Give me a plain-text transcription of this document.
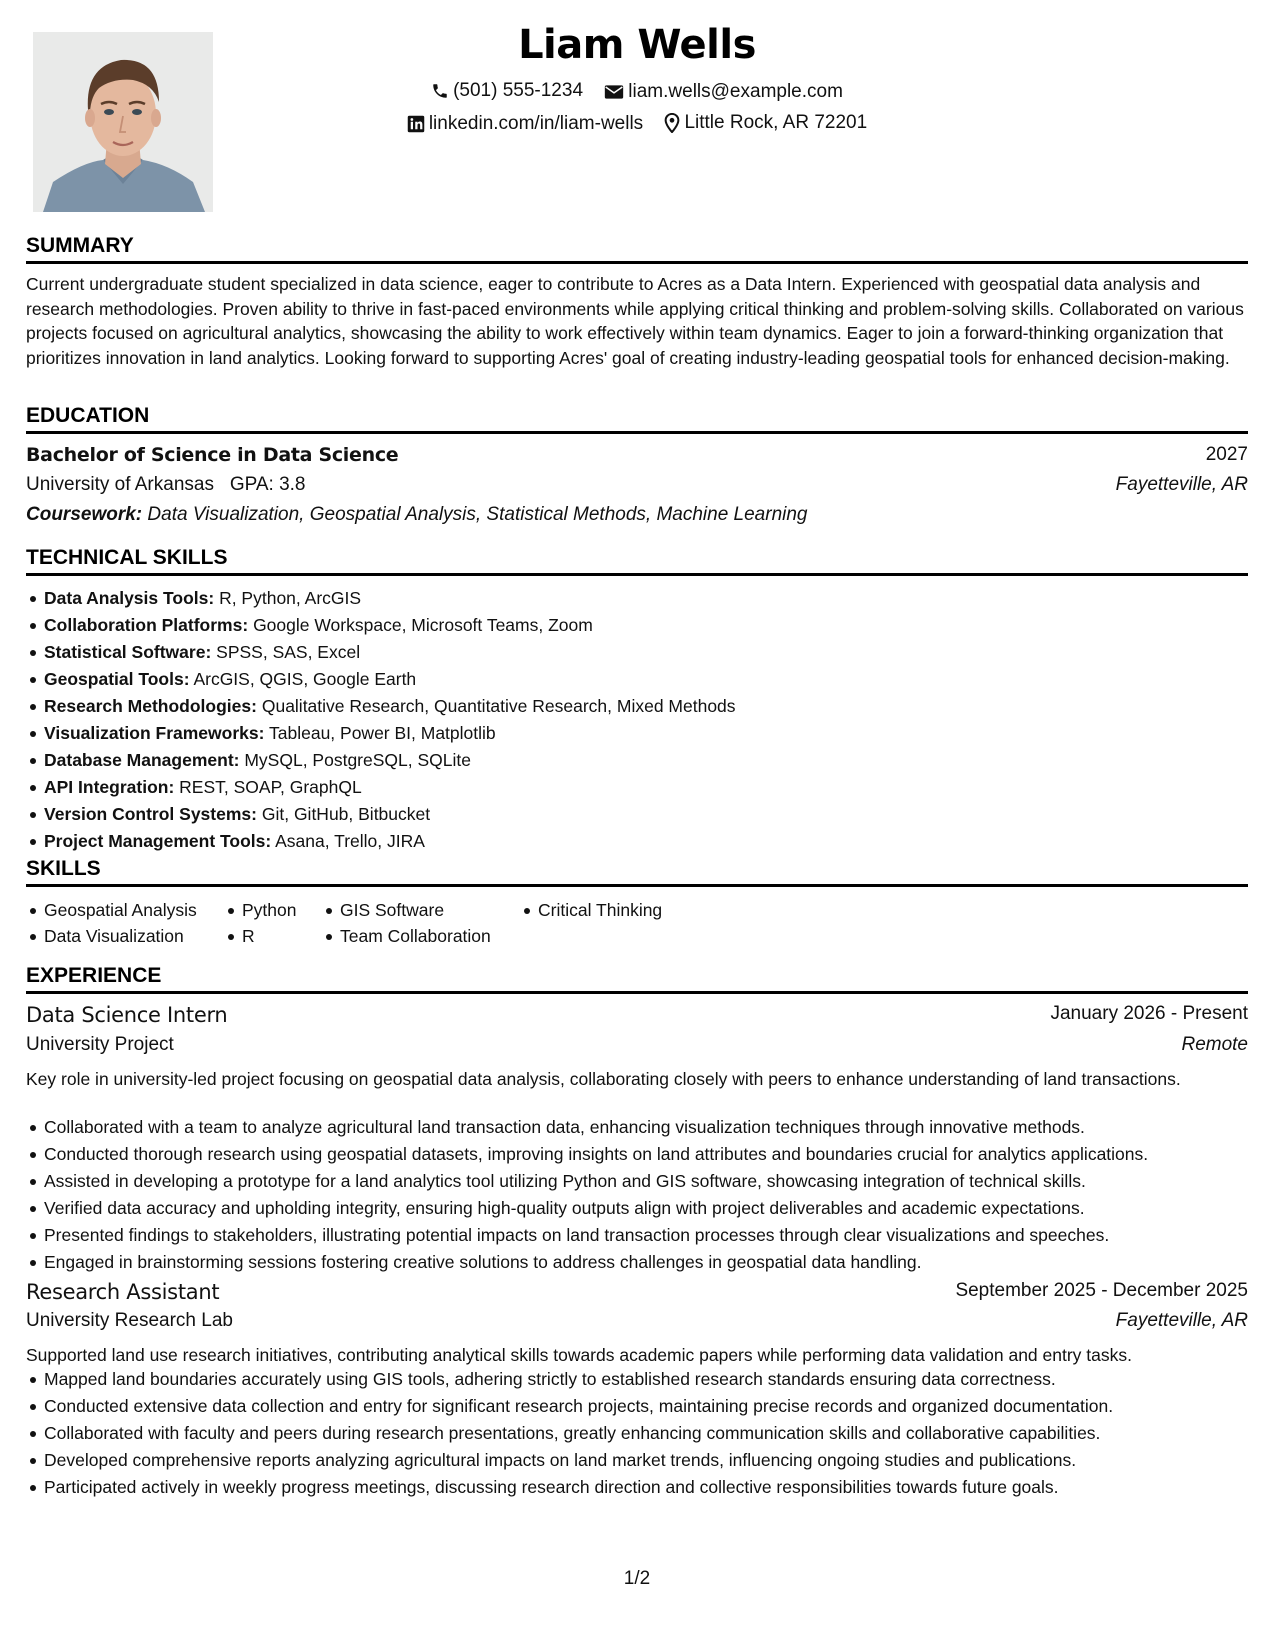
Liam Wells
(501) 555-1234
liam.wells@example.com
linkedin.com/in/liam-wells
Little Rock, AR 72201
SUMMARY
Current undergraduate student specialized in data science, eager to contribute to Acres as a Data Intern. Experienced with geospatial data analysis and research methodologies. Proven ability to thrive in fast-paced environments while applying critical thinking and problem-solving skills. Collaborated on various projects focused on agricultural analytics, showcasing the ability to work effectively within team dynamics. Eager to join a forward-thinking organization that prioritizes innovation in land analytics. Looking forward to supporting Acres' goal of creating industry-leading geospatial tools for enhanced decision-making.
EDUCATION
Bachelor of Science in Data Science	2027
University of Arkansas GPA: 3.8	Fayetteville, AR
Coursework: Data Visualization, Geospatial Analysis, Statistical Methods, Machine Learning
TECHNICAL SKILLS
Data Analysis Tools: R, Python, ArcGIS
Collaboration Platforms: Google Workspace, Microsoft Teams, Zoom
Statistical Software: SPSS, SAS, Excel
Geospatial Tools: ArcGIS, QGIS, Google Earth
Research Methodologies: Qualitative Research, Quantitative Research, Mixed Methods
Visualization Frameworks: Tableau, Power BI, Matplotlib
Database Management: MySQL, PostgreSQL, SQLite
API Integration: REST, SOAP, GraphQL
Version Control Systems: Git, GitHub, Bitbucket
Project Management Tools: Asana, Trello, JIRA
SKILLS
Geospatial Analysis
Data Visualization
Python
R
GIS Software
Team Collaboration
Critical Thinking
EXPERIENCE
Data Science Intern	January 2026 - Present
University Project	Remote
Key role in university-led project focusing on geospatial data analysis, collaborating closely with peers to enhance understanding of land transactions.
Collaborated with a team to analyze agricultural land transaction data, enhancing visualization techniques through innovative methods.
Conducted thorough research using geospatial datasets, improving insights on land attributes and boundaries crucial for analytics applications.
Assisted in developing a prototype for a land analytics tool utilizing Python and GIS software, showcasing integration of technical skills.
Verified data accuracy and upholding integrity, ensuring high-quality outputs align with project deliverables and academic expectations.
Presented findings to stakeholders, illustrating potential impacts on land transaction processes through clear visualizations and speeches.
Engaged in brainstorming sessions fostering creative solutions to address challenges in geospatial data handling.
Research Assistant	September 2025 - December 2025
University Research Lab	Fayetteville, AR
Supported land use research initiatives, contributing analytical skills towards academic papers while performing data validation and entry tasks.
Mapped land boundaries accurately using GIS tools, adhering strictly to established research standards ensuring data correctness.
Conducted extensive data collection and entry for significant research projects, maintaining precise records and organized documentation.
Collaborated with faculty and peers during research presentations, greatly enhancing communication skills and collaborative capabilities.
Developed comprehensive reports analyzing agricultural impacts on land market trends, influencing ongoing studies and publications.
Participated actively in weekly progress meetings, discussing research direction and collective responsibilities towards future goals.
1/2
